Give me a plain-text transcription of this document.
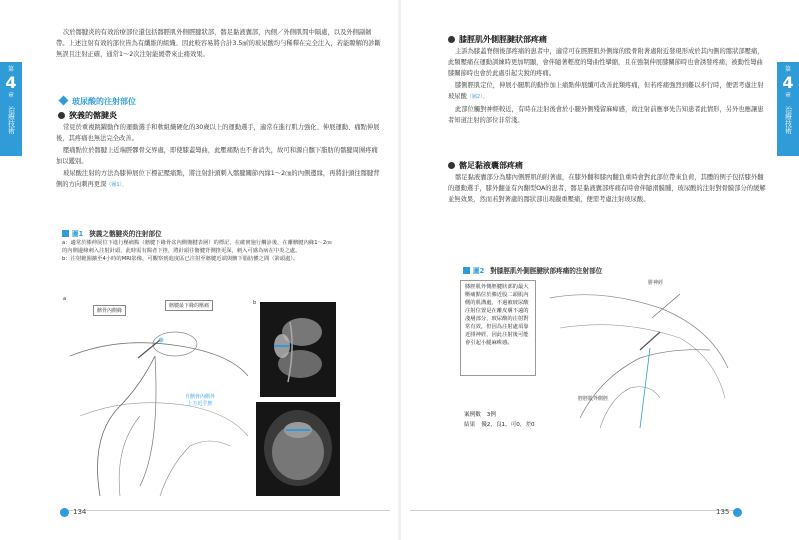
第
4
章
治療技術
第
4
章
治療技術

次於髂腱炎的有效治療部位還包括髂脛肌外側脛腱狀部，髂足黏液囊部，內側／外側肌間中隔處，以及外側副韌帶。上述注射有效的部位皆為有纖維的組織、因此較容易將合計3.5㎖的玻尿酸均勻稀釋在完全注入，若能瞭解的診斷無誤且注射正確，通常1～2次注射能緩帶來止痛效果。

玻尿酸的注射部位
狹義的髂腱炎

常見於重複跳躍動作的運動選手和軟組織硬化的30歲以上的運動選手，適常在進行肌力強化、伸展運動、痛點伸展後，其疼痛也無法完全改善。

壓痛點位於髂腱上近端脛髁骨交界處，即使膝蓋彎曲，此壓痛點也不會消失，故可和源自髕下脂肪的髂腱周圍疼痛加以鑑別。

玻尿酸注射的方法為膝伸展位下標記壓痛點，將注射針頭刺入髂腱關節內緣1～2㎝的內側邊緣，再將針頭往髂腱背側的方向刺再更深（圖1）。

圖1 狹義之髂腱炎的注射部位
a：適常於膝伸展位下進行壓痛點（髂腱下緣骨盆內側髂腱表層）的標記，在確實施行觸診後，在離髕腱內緣1～2㎝的內側邊緣刺入注射針頭，此時需有醫者下推，將針頭往髂腱背側推更深，刺入可感為病在中炎之處。
b：注射範圍擴至4小時的MRI影像，可觀察到進度區已注射至髂腱近端與髕下脂肪體之間（箭頭處）。
a
髕骨內側緣
髂腱最下緣的壓痛
自髕骨內側外
上方近乎脛
b
134
膝脛肌外側脛腱狀部疼痛

主訴為膝蓋脊側後部疼痛的患者中，適常可在脛脛肌外側緣的股骨附著處附近發現形成於其內側的髂狀部壓痛，此類壓痛在運動訓練時更加明顯，會伴隨著輕度的彎曲性攣縮，且在強制伸展膝關節時也會誘發疼痛，被動性彎曲膝關節時也會於此處引起尖銳的疼痛。

膝側脛肌定位，伸展小腿肌的動作加上痛點伸展纖可改善此類疼痛，但若疼痛強烈到難以步行時，便需考慮注射玻尿酸（圖2）。

此部位觸對神經較近，有時在注射後會於小腿外側殘留麻痺感，故注射前應事先告知患者此情形，另外也應讓患者知道注射的部位非常淺。

髂足黏液囊部疼痛

髂足黏液囊部分為膝內側脛肌的附著處，在膝外翻和膝內翻負重時會對此部位帶來負荷，其體的例子包括膝外翻的運動選手，膝外翻並有內翻型OA的患者，髂足黏液囊部疼痛有時會伴隨滑膜腫，玻尿酸的注射對骨膜部分的緩解並無效果，然而若對著處的髂狀部出現嚴重壓痛，便需考慮注射玻尿酸。

圖2 對膝脛肌外側脛腱狀部疼痛的注射部位
膝脛肌外側脛腱狀部的最大壓痛點位於膝近股二頭肌內側的肌溝處，不過被玻尿酸注射位置是在離皮膚不遠的淺層部分，玻尿酸的注射對常有效，但因為注射處須靠近腓神經，因此注射後可能會引起小腿麻痺感。
腓神經
脛脛肌外側脛
案例數 3例
結果 優2，良1，可0，差0
135
